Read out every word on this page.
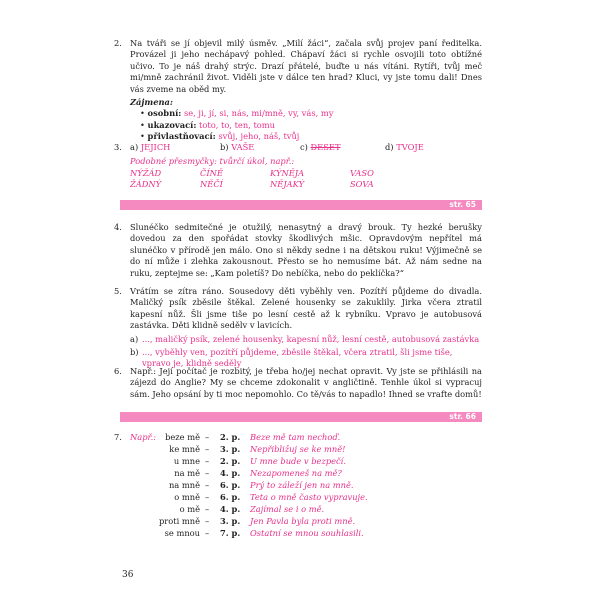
2. Na tváři se jí objevil milý úsměv. „Milí žáci“, začala svůj projev paní ředitelka. Provázel ji jeho nechápavý pohled. Chápaví žáci si rychle osvojili toto obtížné učivo. To je náš drahý strýc. Drazí přátelé, buďte u nás vítáni. Rytíři, tvůj meč mi/mně zachránil život. Viděli jste v dálce ten hrad? Kluci, vy jste tomu dali! Dnes vás zveme na oběd my.
Zájmena:
• osobní: se, ji, jí, si, nás, mi/mně, vy, vás, my
• ukazovací: toto, to, ten, tomu
• přivlastňovací: svůj, jeho, náš, tvůj
3. a) JEJICH	b) VAŠE	c) DESET	d) TVOJE
Podobné přesmyčky: tvůrčí úkol, např.:
NÝŽÁD	ČÍNĚ	KÝNĚJA	VASO
ŽÁDNÝ	NĚČÍ	NĚJAKÝ	SOVA
str. 65
4. Slunéčko sedmitečné je otužilý, nenasytný a dravý brouk. Ty hezké berušky dovedou za den spořádat stovky škodlivých mšic. Opravdovým nepřítel má slunéčko v přírodě jen málo. Ono si někdy sedne i na dětskou ruku! Výjimečně se do ní může i zlehka zakousnout. Přesto se ho nemusíme bát. Až nám sedne na ruku, zeptejme se: „Kam poletíš? Do nebíčka, nebo do peklíčka?“
5. Vrátím se zítra ráno. Sousedovy děti vyběhly ven. Pozítří půjdeme do divadla. Maličký psík zběsile štěkal. Zelené housenky se zakuklily. Jirka včera ztratil kapesní nůž. Šli jsme tiše po lesní cestě až k rybníku. Vpravo je autobusová zastávka. Děti klidně sedělv v lavicích.
a) ..., maličký psík, zelené housenky, kapesní nůž, lesní cestě, autobusová zastávka
b) ..., vyběhly ven, pozítří půjdeme, zběsile štěkal, včera ztratil, šli jsme tiše, vpravo je, klidně seděly
6. Např.: Její počítač je rozbitý, je třeba ho/jej nechat opravit. Vy jste se přihlásili na zájezd do Anglie? My se chceme zdokonalit v angličtině. Tenhle úkol si vypracuj sám. Jeho opsání by ti moc nepomohlo. Co tě/vás to napadlo! Ihned se vrafte domů!
str. 66
7. Např.:	beze mě – 2. p. Beze mě tam nechoď.
ke mně – 3. p. Nepřibližuj se ke mně!
u mne – 2. p. U mne bude v bezpečí.
na mě – 4. p. Nezapomeneš na mě?
na mně – 6. p. Prý to záleží jen na mně.
o mně – 6. p. Teta o mně často vypravuje.
o mě – 4. p. Zajímal se i o mě.
proti mně – 3. p. Jen Pavla byla proti mně.
se mnou – 7. p. Ostatní se mnou souhlasili.
36
